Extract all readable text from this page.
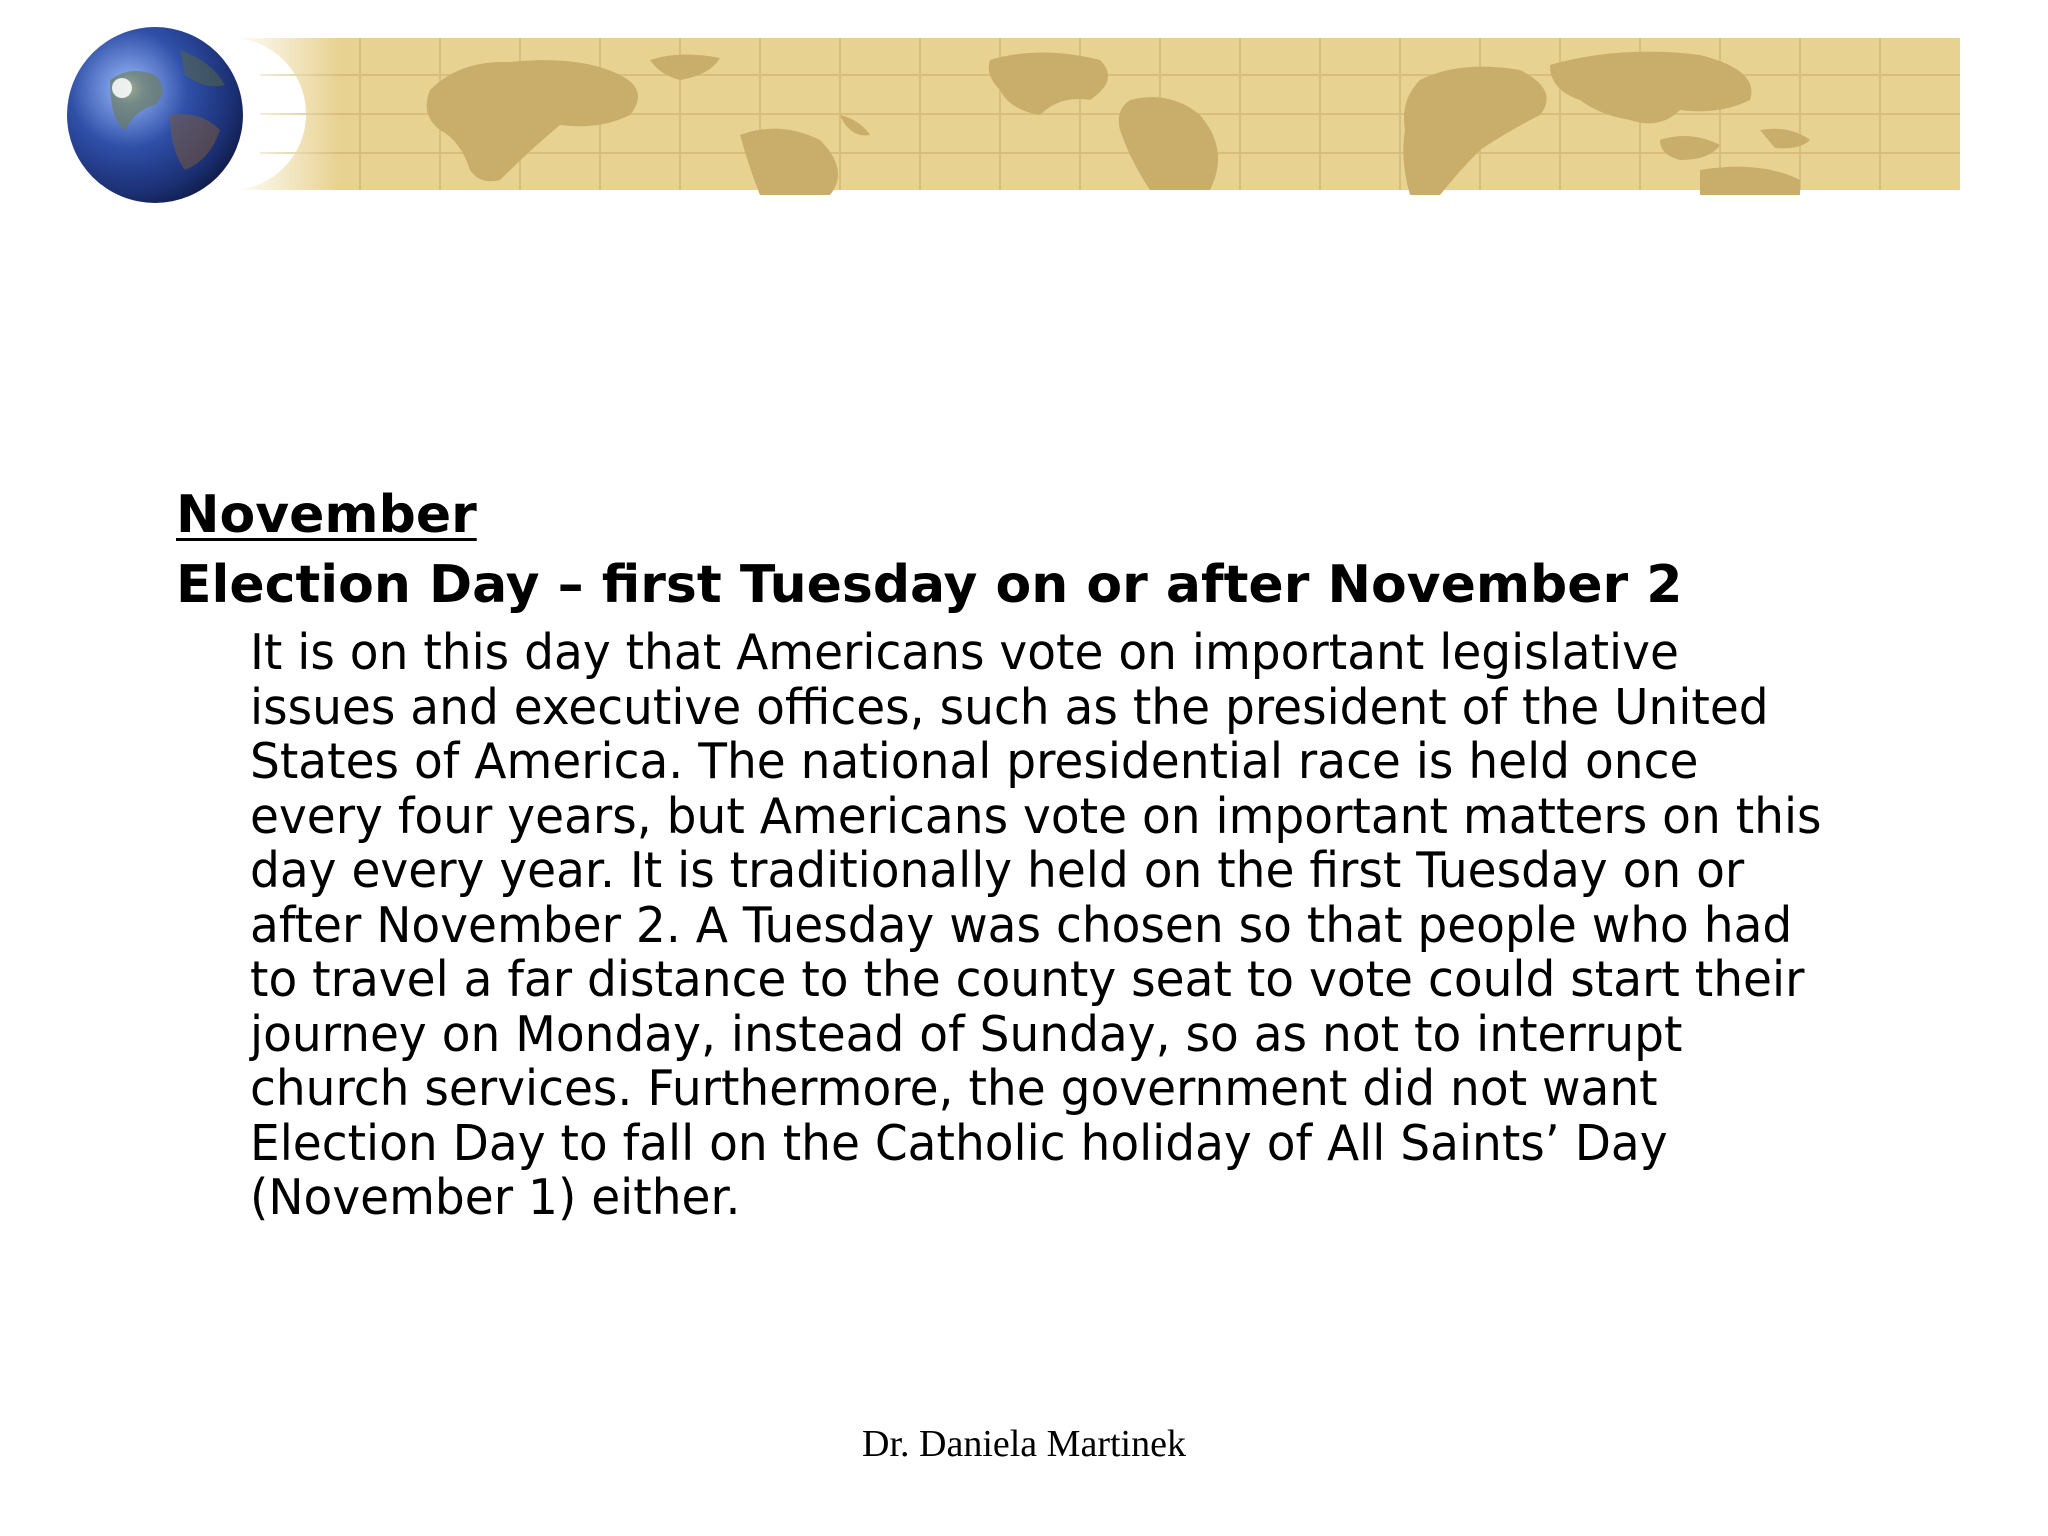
November

Election Day – first Tuesday on or after November 2

It is on this day that Americans vote on important legislative issues and executive offices, such as the president of the United States of America. The national presidential race is held once every four years, but Americans vote on important matters on this day every year. It is traditionally held on the first Tuesday on or after November 2. A Tuesday was chosen so that people who had to travel a far distance to the county seat to vote could start their journey on Monday, instead of Sunday, so as not to interrupt church services. Furthermore, the government did not want Election Day to fall on the Catholic holiday of All Saints’ Day (November 1) either.

Dr. Daniela Martinek
